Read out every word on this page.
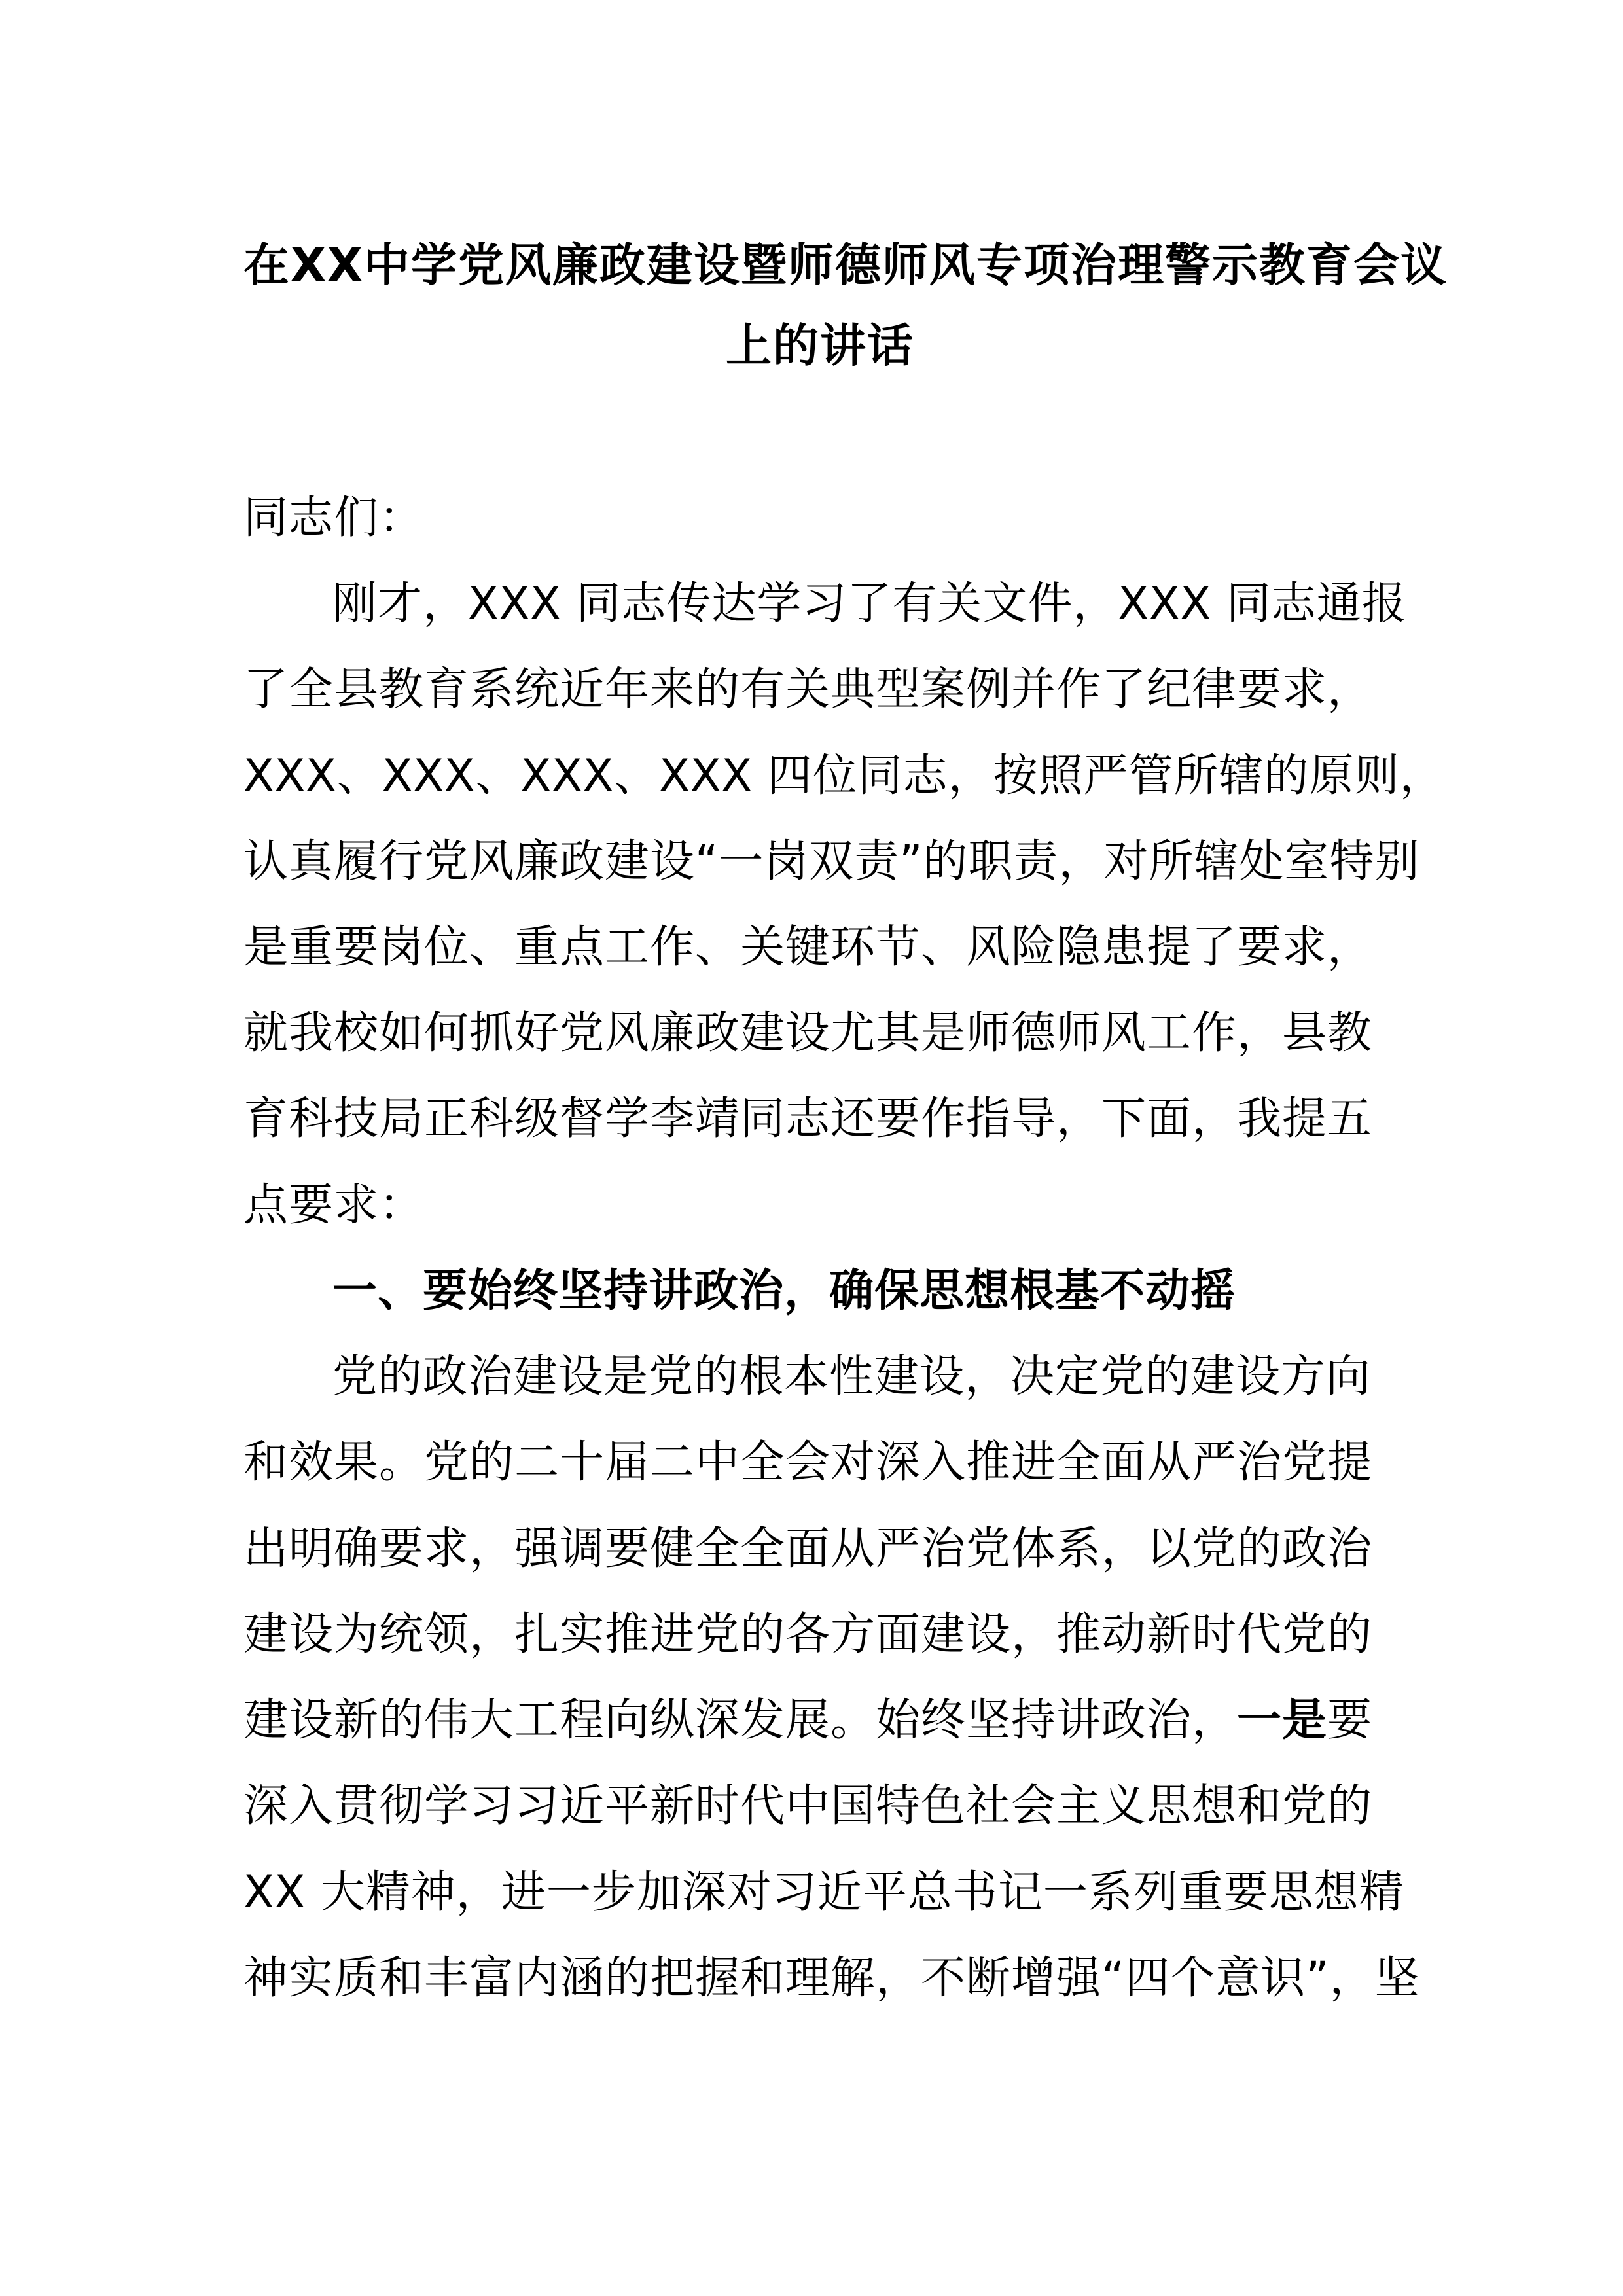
在XX中学党风廉政建设暨师德师风专项治理警示教育会议
上的讲话
同志们：
刚才，XXX 同志传达学习了有关文件，XXX 同志通报
了全县教育系统近年来的有关典型案例并作了纪律要求，
XXX、XXX、XXX、XXX 四位同志，按照严管所辖的原则，
认真履行党风廉政建设“一岗双责”的职责，对所辖处室特别
是重要岗位、重点工作、关键环节、风险隐患提了要求，
就我校如何抓好党风廉政建设尤其是师德师风工作，县教
育科技局正科级督学李靖同志还要作指导，下面，我提五
点要求：
一、要始终坚持讲政治，确保思想根基不动摇
党的政治建设是党的根本性建设，决定党的建设方向
和效果。党的二十届二中全会对深入推进全面从严治党提
出明确要求，强调要健全全面从严治党体系，以党的政治
建设为统领，扎实推进党的各方面建设，推动新时代党的
建设新的伟大工程向纵深发展。始终坚持讲政治，一是要
深入贯彻学习习近平新时代中国特色社会主义思想和党的
XX 大精神，进一步加深对习近平总书记一系列重要思想精
神实质和丰富内涵的把握和理解，不断增强“四个意识”，坚
